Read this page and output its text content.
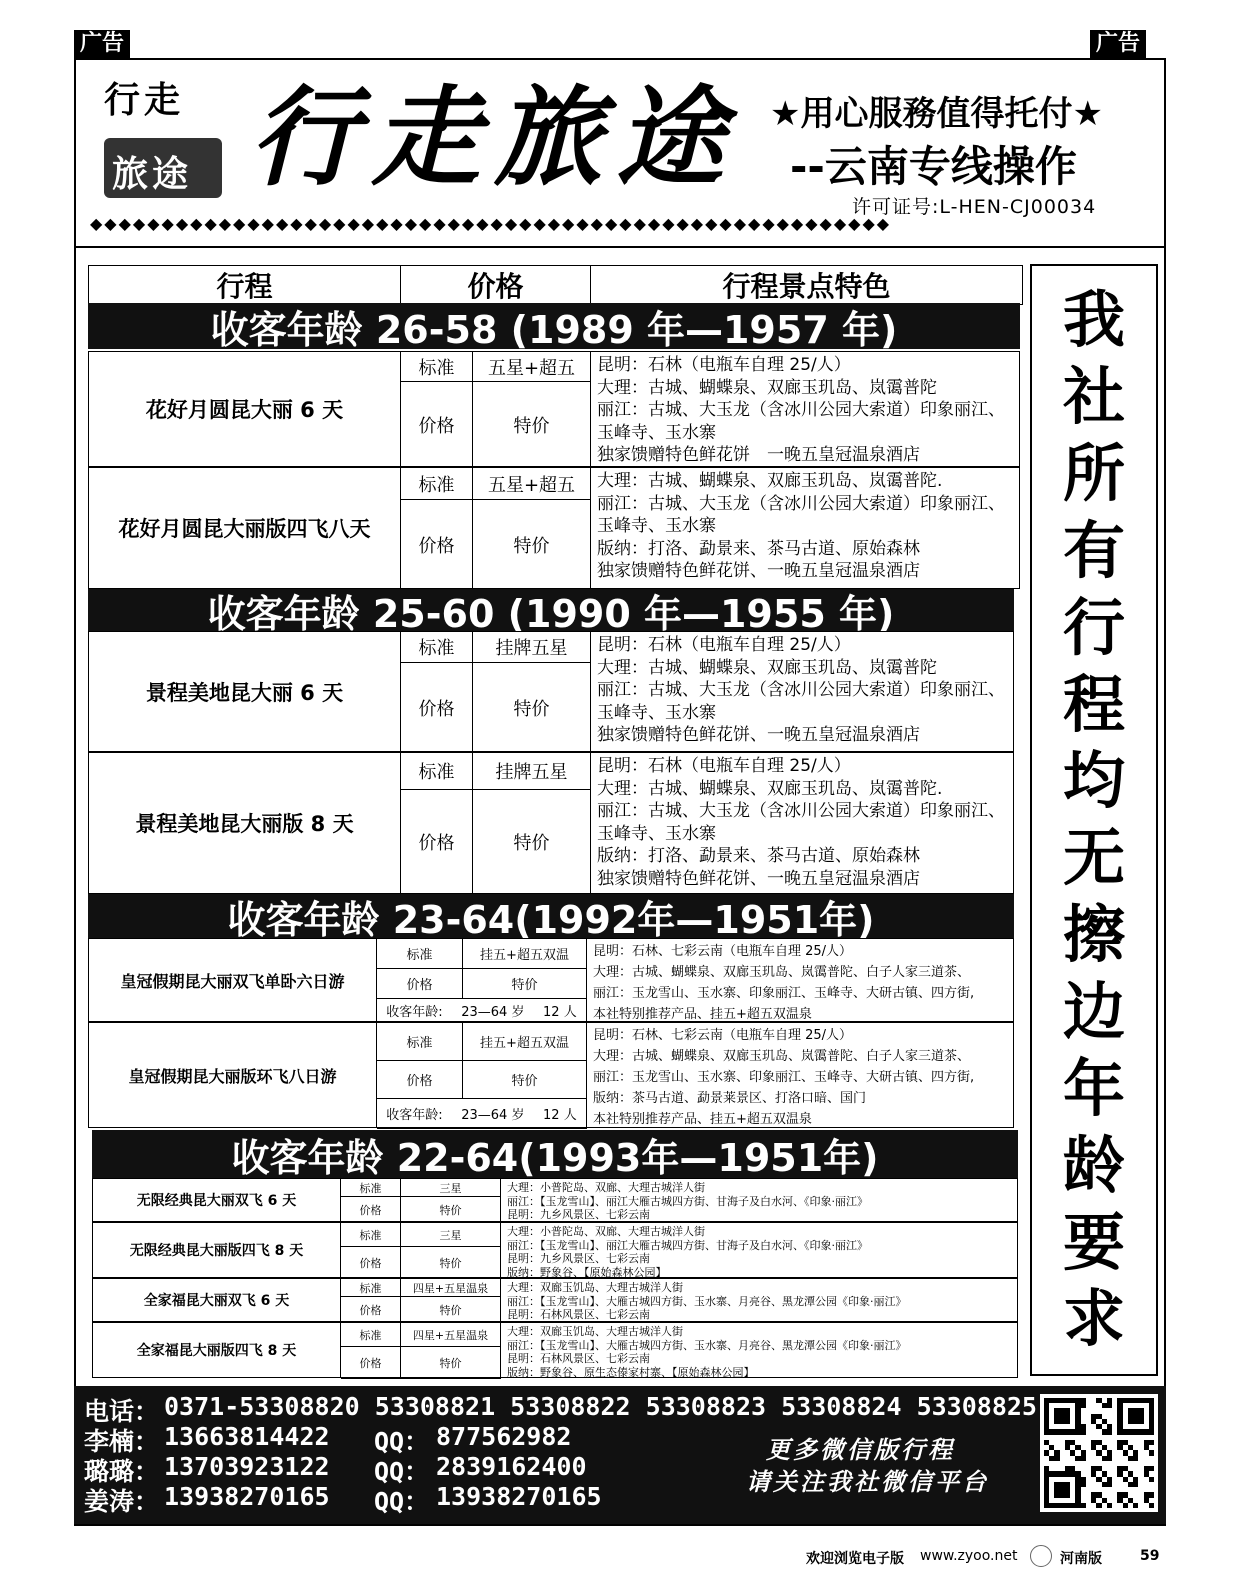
广告	广告
行走
旅途 行走旅途 ★用心服務值得托付★
--云南专线操作
许可证号:L-HEN-CJ00034
◆◆◆◆◆◆◆◆◆◆◆◆◆◆◆◆◆◆◆◆◆◆◆◆◆◆◆◆◆◆◆◆◆◆◆◆◆◆◆◆◆◆◆◆◆◆◆◆◆◆◆◆◆◆◆◆
行程	价格	行程景点特色	我
社
所
有
行
程
均
无
擦
边
年
龄
要
求
收客年龄 26-58 (1989 年—1957 年)
花好月圆昆大丽 6 天
标准	五星+超五
价格	特价
昆明：石林（电瓶车自理 25/人）
大理：古城、蝴蝶泉、双廊玉玑岛、岚霭普陀
丽江：古城、大玉龙（含冰川公园大索道）印象丽江、
玉峰寺、玉水寨
独家馈赠特色鲜花饼　一晚五皇冠温泉酒店
花好月圆昆大丽版四飞八天
标准	五星+超五
价格	特价
大理：古城、蝴蝶泉、双廊玉玑岛、岚霭普陀.
丽江：古城、大玉龙（含冰川公园大索道）印象丽江、
玉峰寺、玉水寨
版纳：打洛、勐景来、茶马古道、原始森林
独家馈赠特色鲜花饼、一晚五皇冠温泉酒店
收客年龄 25-60 (1990 年—1955 年)
景程美地昆大丽 6 天
标准	挂牌五星
价格	特价
昆明：石林（电瓶车自理 25/人）
大理：古城、蝴蝶泉、双廊玉玑岛、岚霭普陀
丽江：古城、大玉龙（含冰川公园大索道）印象丽江、
玉峰寺、玉水寨
独家馈赠特色鲜花饼、一晚五皇冠温泉酒店
景程美地昆大丽版 8 天
标准	挂牌五星
价格	特价
昆明：石林（电瓶车自理 25/人）
大理：古城、蝴蝶泉、双廊玉玑岛、岚霭普陀.
丽江：古城、大玉龙（含冰川公园大索道）印象丽江、
玉峰寺、玉水寨
版纳：打洛、勐景来、茶马古道、原始森林
独家馈赠特色鲜花饼、一晚五皇冠温泉酒店
收客年龄 23-64(1992年—1951年)
皇冠假期昆大丽双飞单卧六日游
标准	挂五+超五双温
价格	特价
收客年龄: 23—64 岁 12 人
昆明：石林、七彩云南（电瓶车自理 25/人）
大理：古城、蝴蝶泉、双廊玉玑岛、岚霭普陀、白子人家三道茶、
丽江：玉龙雪山、玉水寨、印象丽江、玉峰寺、大研古镇、四方街,
本社特别推荐产品、挂五+超五双温泉
皇冠假期昆大丽版环飞八日游
标准	挂五+超五双温
价格	特价
收客年龄: 23—64 岁 12 人
昆明：石林、七彩云南（电瓶车自理 25/人）
大理：古城、蝴蝶泉、双廊玉玑岛、岚霭普陀、白子人家三道茶、
丽江：玉龙雪山、玉水寨、印象丽江、玉峰寺、大研古镇、四方街,
版纳：茶马古道、勐景莱景区、打洛口暗、国门
本社特别推荐产品、挂五+超五双温泉
收客年龄 22-64(1993年—1951年)
无限经典昆大丽双飞 6 天
标准	三星
价格	特价
大理：小普陀岛、双廊、大理古城洋人街
丽江：【玉龙雪山】、丽江大雁古城四方街、甘海子及白水河、《印象·丽江》
昆明：九乡风景区、七彩云南
无限经典昆大丽版四飞 8 天
标准	三星
价格	特价
大理：小普陀岛、双廊、大理古城洋人街
丽江：【玉龙雪山】、丽江大雁古城四方街、甘海子及白水河、《印象·丽江》
昆明：九乡风景区、七彩云南
版纳：野象谷、【原始森林公园】
全家福昆大丽双飞 6 天
标准	四星+五星温泉
价格	特价
大理：双廊玉饥岛、大理古城洋人街
丽江：【玉龙雪山】、大雁古城四方街、玉水寨、月亮谷、黑龙潭公园《印象·丽江》
昆明：石林风景区、七彩云南
全家福昆大丽版四飞 8 天
标准	四星+五星温泉
价格	特价
大理：双廊玉饥岛、大理古城洋人街
丽江：【玉龙雪山】、大雁古城四方街、玉水寨、月亮谷、黑龙潭公园《印象·丽江》
昆明：石林风景区、七彩云南
版纳：野象谷、原生态傣家村寨、【原始森林公园】
电话： 0371-53308820 53308821 53308822 53308823 53308824 53308825
李楠： 13663814422 QQ： 877562982
璐璐： 13703923122 QQ： 2839162400
姜涛： 13938270165 QQ： 13938270165
更多微信版行程
请关注我社微信平台
欢迎浏览电子版 www.zyoo.net	河南版	59
